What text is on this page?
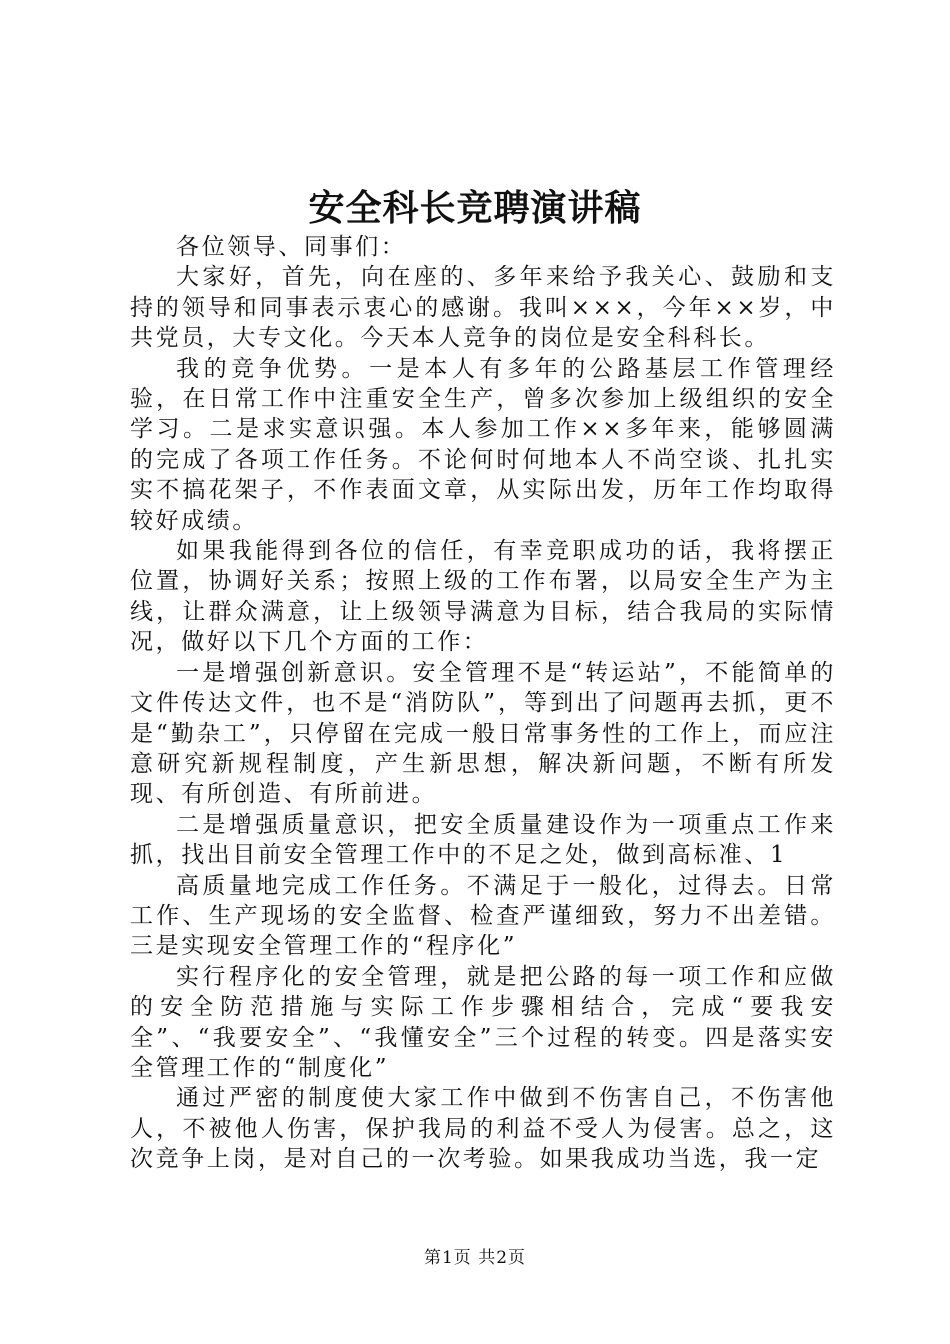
安全科长竞聘演讲稿

各位领导、同事们：

大家好，首先，向在座的、多年来给予我关心、鼓励和支持的领导和同事表示衷心的感谢。我叫×××，今年××岁，中共党员，大专文化。今天本人竞争的岗位是安全科科长。

我的竞争优势。一是本人有多年的公路基层工作管理经验，在日常工作中注重安全生产，曾多次参加上级组织的安全学习。二是求实意识强。本人参加工作××多年来，能够圆满的完成了各项工作任务。不论何时何地本人不尚空谈、扎扎实实不搞花架子，不作表面文章，从实际出发，历年工作均取得较好成绩。

如果我能得到各位的信任，有幸竞职成功的话，我将摆正位置，协调好关系；按照上级的工作布署，以局安全生产为主线，让群众满意，让上级领导满意为目标，结合我局的实际情况，做好以下几个方面的工作：

一是增强创新意识。安全管理不是“转运站”，不能简单的文件传达文件，也不是“消防队”，等到出了问题再去抓，更不是“勤杂工”，只停留在完成一般日常事务性的工作上，而应注意研究新规程制度，产生新思想，解决新问题，不断有所发现、有所创造、有所前进。

二是增强质量意识，把安全质量建设作为一项重点工作来抓，找出目前安全管理工作中的不足之处，做到高标准、1

高质量地完成工作任务。不满足于一般化，过得去。日常工作、生产现场的安全监督、检查严谨细致，努力不出差错。三是实现安全管理工作的“程序化”

实行程序化的安全管理，就是把公路的每一项工作和应做的安全防范措施与实际工作步骤相结合，完成“要我安全”、“我要安全”、“我懂安全”三个过程的转变。四是落实安全管理工作的“制度化”

通过严密的制度使大家工作中做到不伤害自己，不伤害他人，不被他人伤害，保护我局的利益不受人为侵害。总之，这次竞争上岗，是对自己的一次考验。如果我成功当选，我一定

第1页 共2页
